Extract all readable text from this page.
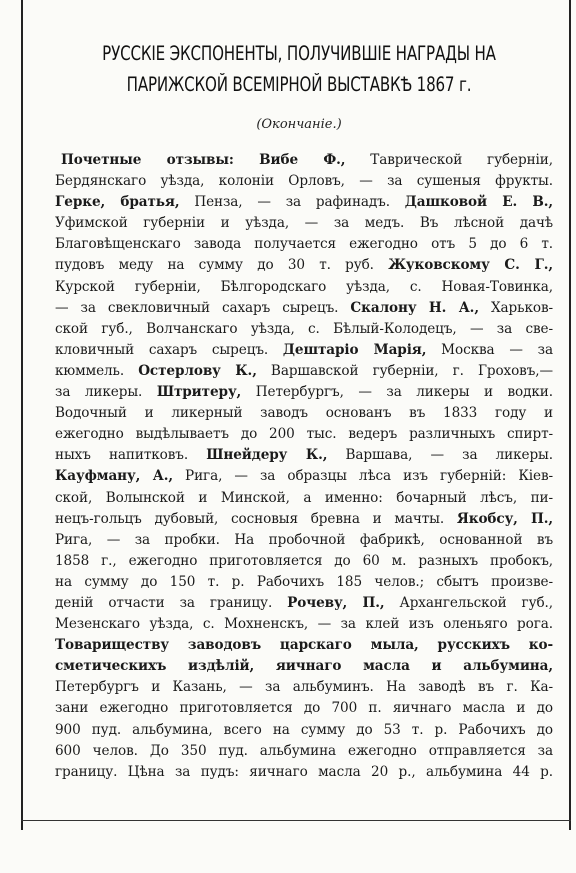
РУССКІЕ ЭКСПОНЕНТЫ, ПОЛУЧИВШІЕ НАГРАДЫ НА
ПАРИЖСКОЙ ВСЕМІРНОЙ ВЫСТАВКѢ 1867 г.
(Окончаніе.)
Почетные отзывы: Вибе Ф., Таврической губерніи,
Бердянскаго уѣзда, колоніи Орловъ, — за сушеныя фрукты.
Герке, братья, Пенза, — за рафинадъ. Дашковой Е. В.,
Уфимской губерніи и уѣзда, — за медъ. Въ лѣсной дачѣ
Благовѣщенскаго завода получается ежегодно отъ 5 до 6 т.
пудовъ меду на сумму до 30 т. руб. Жуковскому С. Г.,
Курской губерніи, Бѣлгородскаго уѣзда, с. Новая-Товинка,
— за свекловичный сахаръ сырецъ. Скалону Н. А., Харьков-
ской губ., Волчанскаго уѣзда, с. Бѣлый-Колодецъ, — за све-
кловичный сахаръ сырецъ. Дештаріо Марія, Москва — за
кюммель. Остерлову К., Варшавской губерніи, г. Гроховъ,—
за ликеры. Штритеру, Петербургъ, — за ликеры и водки.
Водочный и ликерный заводъ основанъ въ 1833 году и
ежегодно выдѣлываетъ до 200 тыс. ведеръ различныхъ спирт-
ныхъ напитковъ. Шнейдеру К., Варшава, — за ликеры.
Кауфману, А., Рига, — за образцы лѣса изъ губерній: Кіев-
ской, Волынской и Минской, а именно: бочарный лѣсъ, пи-
нецъ-гольцъ дубовый, сосновыя бревна и мачты. Якобсу, П.,
Рига, — за пробки. На пробочной фабрикѣ, основанной въ
1858 г., ежегодно приготовляется до 60 м. разныхъ пробокъ,
на сумму до 150 т. р. Рабочихъ 185 челов.; сбытъ произве-
деній отчасти за границу. Рочеву, П., Архангельской губ.,
Мезенскаго уѣзда, с. Мохненскъ, — за клей изъ оленьяго рога.
Товариществу заводовъ царскаго мыла, русскихъ ко-
сметическихъ издѣлій, яичнаго масла и альбумина,
Петербургъ и Казань, — за альбуминъ. На заводѣ въ г. Ка-
зани ежегодно приготовляется до 700 п. яичнаго масла и до
900 пуд. альбумина, всего на сумму до 53 т. р. Рабочихъ до
600 челов. До 350 пуд. альбумина ежегодно отправляется за
границу. Цѣна за пудъ: яичнаго масла 20 р., альбумина 44 р.
